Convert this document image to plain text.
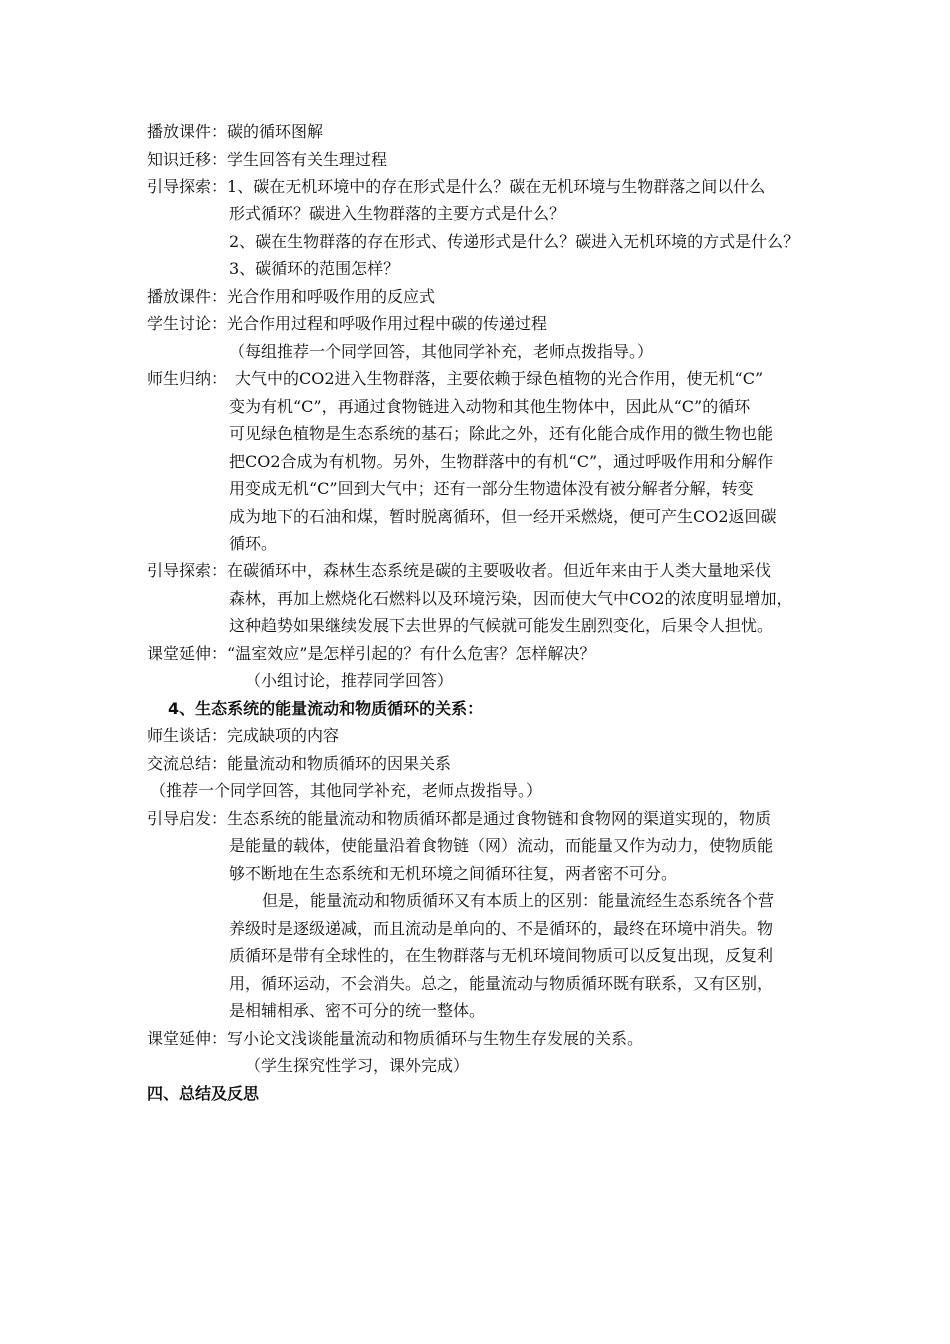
播放课件：碳的循环图解
知识迁移：学生回答有关生理过程
引导探索：1、碳在无机环境中的存在形式是什么？碳在无机环境与生物群落之间以什么
形式循环？碳进入生物群落的主要方式是什么？
2、碳在生物群落的存在形式、传递形式是什么？碳进入无机环境的方式是什么？
3、碳循环的范围怎样？
播放课件：光合作用和呼吸作用的反应式
学生讨论：光合作用过程和呼吸作用过程中碳的传递过程
（每组推荐一个同学回答，其他同学补充，老师点拨指导。）
师生归纳： 大气中的CO2进入生物群落，主要依赖于绿色植物的光合作用，使无机“C”
变为有机“C”，再通过食物链进入动物和其他生物体中，因此从“C”的循环
可见绿色植物是生态系统的基石；除此之外，还有化能合成作用的微生物也能
把CO2合成为有机物。另外，生物群落中的有机“C”，通过呼吸作用和分解作
用变成无机“C”回到大气中；还有一部分生物遗体没有被分解者分解，转变
成为地下的石油和煤，暂时脱离循环，但一经开采燃烧，便可产生CO2返回碳
循环。
引导探索：在碳循环中，森林生态系统是碳的主要吸收者。但近年来由于人类大量地采伐
森林，再加上燃烧化石燃料以及环境污染，因而使大气中CO2的浓度明显增加，
这种趋势如果继续发展下去世界的气候就可能发生剧烈变化，后果令人担忧。
课堂延伸：“温室效应”是怎样引起的？有什么危害？怎样解决？
（小组讨论，推荐同学回答）
4、生态系统的能量流动和物质循环的关系：
师生谈话：完成缺项的内容
交流总结：能量流动和物质循环的因果关系
（推荐一个同学回答，其他同学补充，老师点拨指导。）
引导启发：生态系统的能量流动和物质循环都是通过食物链和食物网的渠道实现的，物质
是能量的载体，使能量沿着食物链（网）流动，而能量又作为动力，使物质能
够不断地在生态系统和无机环境之间循环往复，两者密不可分。
但是，能量流动和物质循环又有本质上的区别：能量流经生态系统各个营
养级时是逐级递减，而且流动是单向的、不是循环的，最终在环境中消失。物
质循环是带有全球性的，在生物群落与无机环境间物质可以反复出现，反复利
用，循环运动，不会消失。总之，能量流动与物质循环既有联系，又有区别，
是相辅相承、密不可分的统一整体。
课堂延伸：写小论文浅谈能量流动和物质循环与生物生存发展的关系。
（学生探究性学习，课外完成）
四、总结及反思
